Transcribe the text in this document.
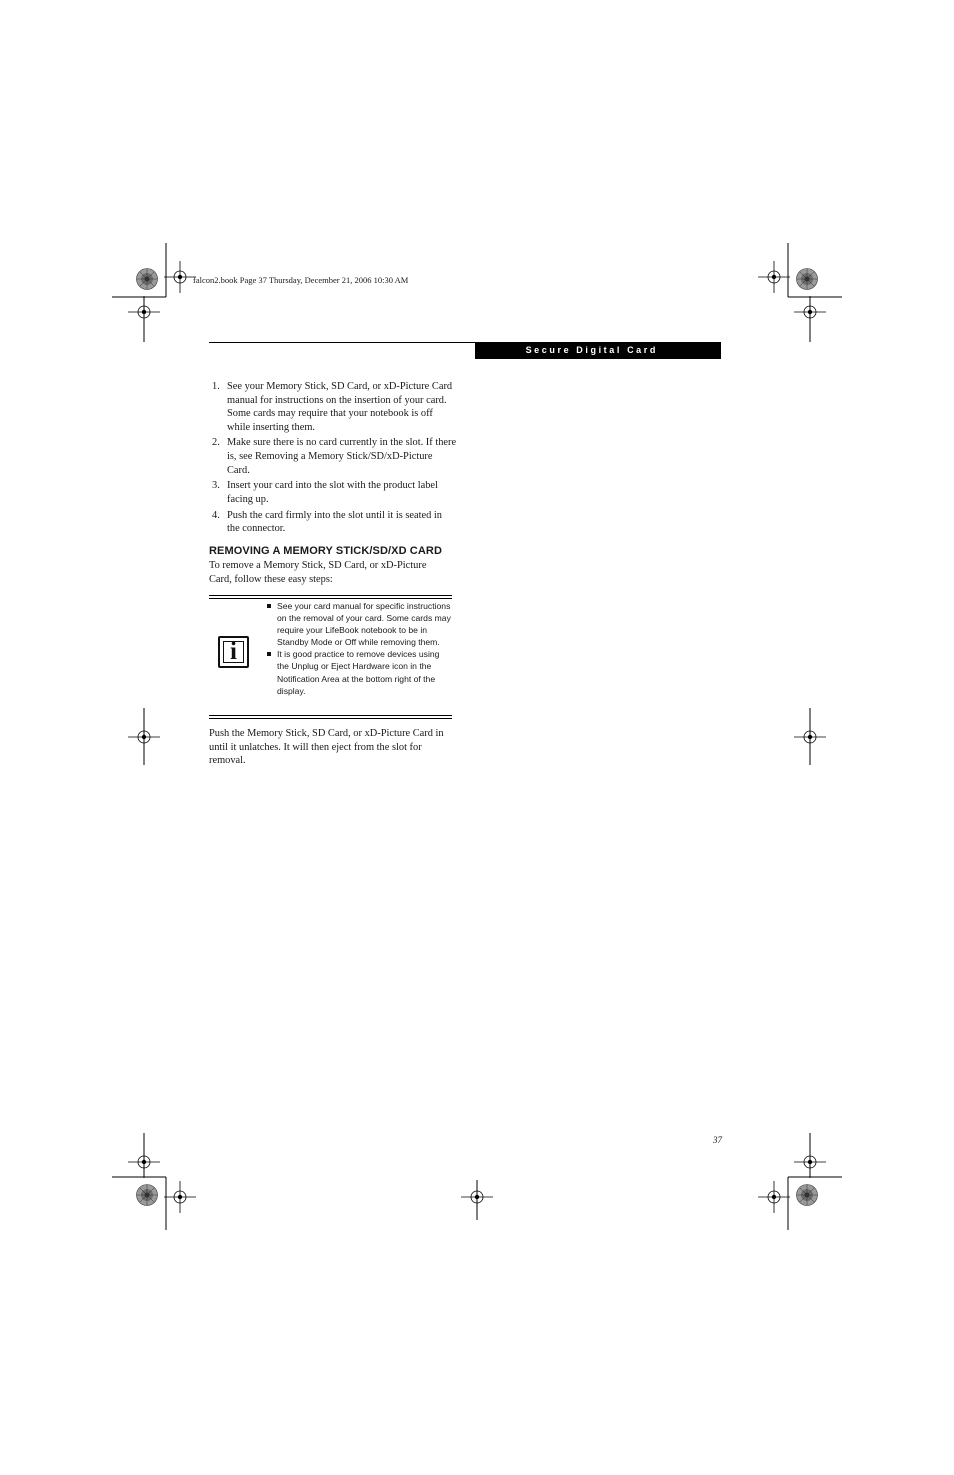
falcon2.book Page 37 Thursday, December 21, 2006 10:30 AM
Secure Digital Card
1. See your Memory Stick, SD Card, or xD-Picture Card manual for instructions on the insertion of your card. Some cards may require that your notebook is off while inserting them.
2. Make sure there is no card currently in the slot. If there is, see Removing a Memory Stick/SD/xD-Picture Card.
3. Insert your card into the slot with the product label facing up.
4. Push the card firmly into the slot until it is seated in the connector.
REMOVING A MEMORY STICK/SD/XD CARD

To remove a Memory Stick, SD Card, or xD-Picture Card, follow these easy steps:

i
See your card manual for specific instructions on the removal of your card. Some cards may require your LifeBook notebook to be in Standby Mode or Off while removing them.
It is good practice to remove devices using the Unplug or Eject Hardware icon in the Notification Area at the bottom right of the display.

Push the Memory Stick, SD Card, or xD-Picture Card in until it unlatches. It will then eject from the slot for removal.

37
